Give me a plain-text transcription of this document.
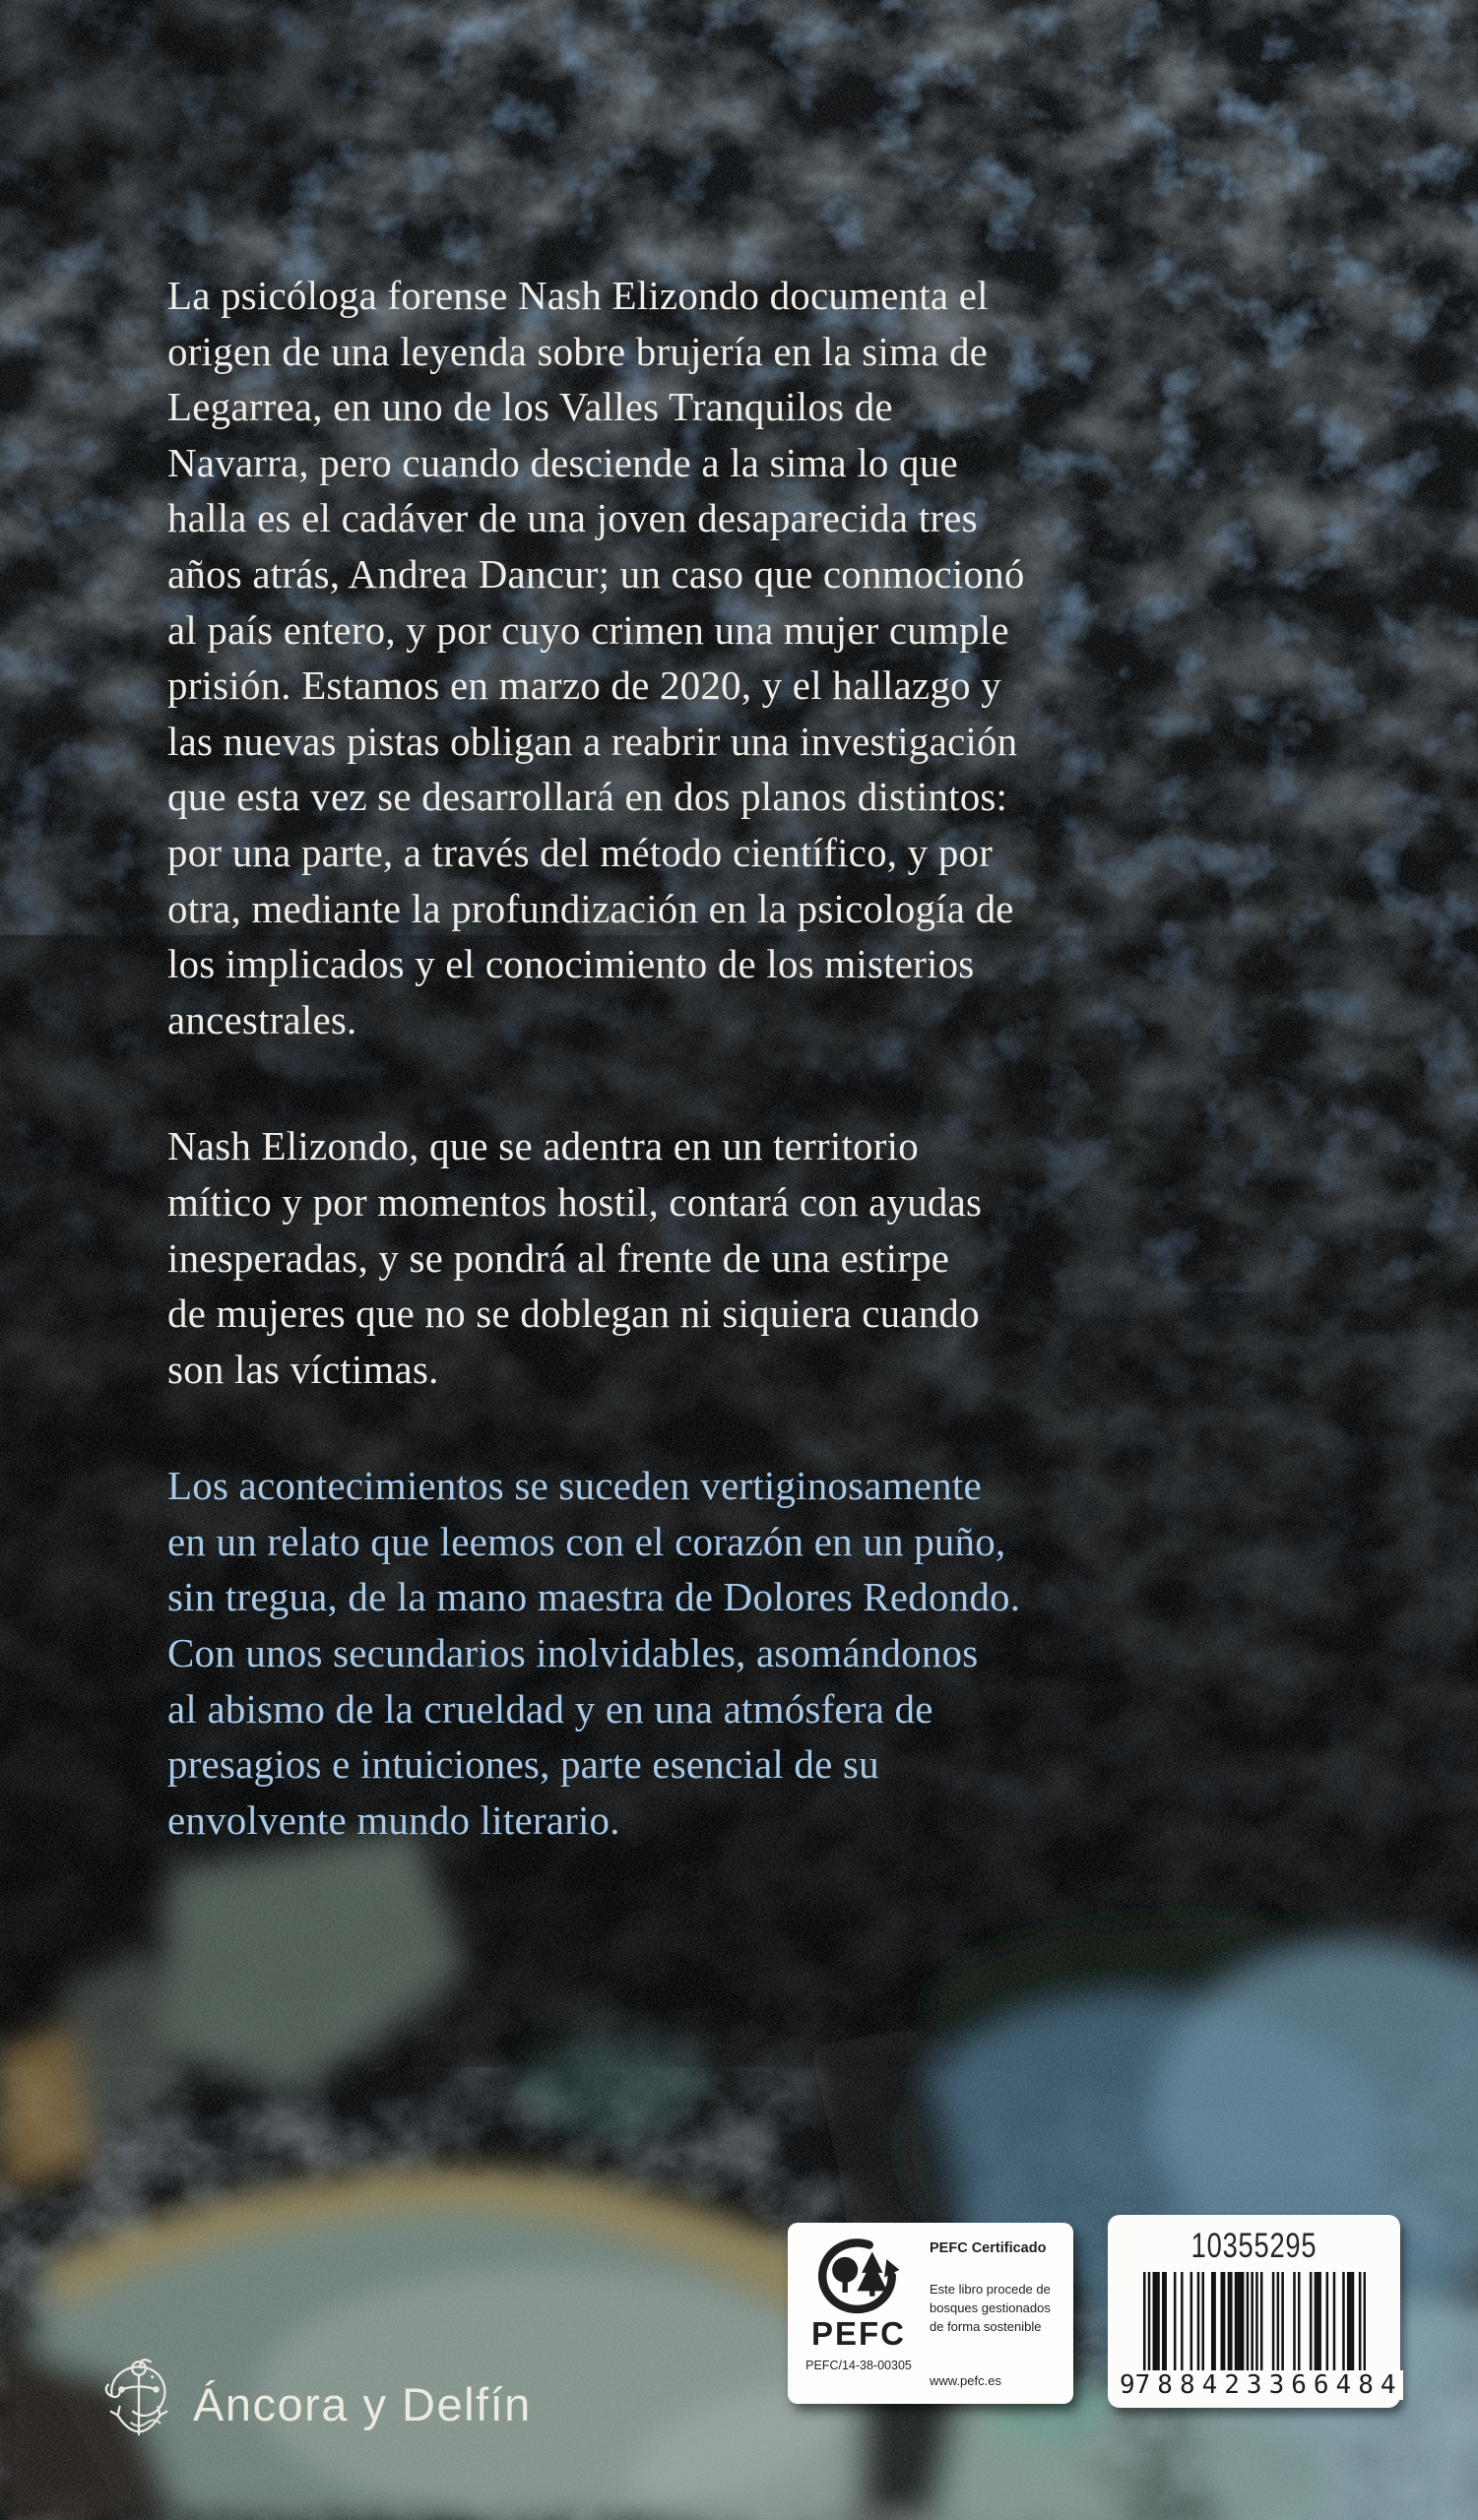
La psicóloga forense Nash Elizondo documenta el
origen de una leyenda sobre brujería en la sima de
Legarrea, en uno de los Valles Tranquilos de
Navarra, pero cuando desciende a la sima lo que
halla es el cadáver de una joven desaparecida tres
años atrás, Andrea Dancur; un caso que conmocionó
al país entero, y por cuyo crimen una mujer cumple
prisión. Estamos en marzo de 2020, y el hallazgo y
las nuevas pistas obligan a reabrir una investigación
que esta vez se desarrollará en dos planos distintos:
por una parte, a través del método científico, y por
otra, mediante la profundización en la psicología de
los implicados y el conocimiento de los misterios
ancestrales.
Nash Elizondo, que se adentra en un territorio
mítico y por momentos hostil, contará con ayudas
inesperadas, y se pondrá al frente de una estirpe
de mujeres que no se doblegan ni siquiera cuando
son las víctimas.
Los acontecimientos se suceden vertiginosamente
en un relato que leemos con el corazón en un puño,
sin tregua, de la mano maestra de Dolores Redondo.
Con unos secundarios inolvidables, asomándonos
al abismo de la crueldad y en una atmósfera de
presagios e intuiciones, parte esencial de su
envolvente mundo literario.
PEFC
PEFC/14-38-00305
PEFC Certificado
Este libro procede de
bosques gestionados
de forma sostenible
www.pefc.es
10355295
9 788423 366484
Áncora y Delfín
